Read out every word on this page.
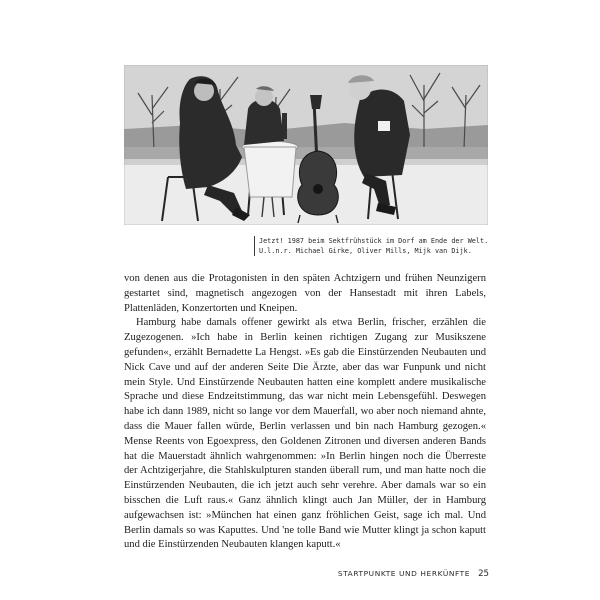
Jetzt! 1987 beim Sektfrühstück im Dorf am Ende der Welt.
U.l.n.r. Michael Girke, Oliver Mills, Mijk van Dijk.

von denen aus die Protagonisten in den späten Achtzigern und frühen Neunzigern gestartet sind, magnetisch angezogen von der Hansestadt mit ihren Labels, Plattenläden, Konzertorten und Kneipen.

Hamburg habe damals offener gewirkt als etwa Berlin, frischer, erzählen die Zugezogenen. »Ich habe in Berlin keinen richtigen Zugang zur Musikszene gefunden«, erzählt Bernadette La Hengst. »Es gab die Einstürzenden Neubauten und Nick Cave und auf der anderen Seite Die Ärzte, aber das war Funpunk und nicht mein Style. Und Einstürzende Neubauten hatten eine komplett andere musikalische Sprache und diese Endzeitstimmung, das war nicht mein Lebensgefühl. Deswegen habe ich dann 1989, nicht so lange vor dem Mauerfall, wo aber noch niemand ahnte, dass die Mauer fallen würde, Berlin verlassen und bin nach Hamburg gezogen.« Mense Reents von Egoexpress, den Goldenen Zitronen und diversen anderen Bands hat die Mauerstadt ähnlich wahrgenommen: »In Berlin hingen noch die Überreste der Achtzigerjahre, die Stahlskulpturen standen überall rum, und man hatte noch die Einstürzenden Neubauten, die ich jetzt auch sehr verehre. Aber damals war so ein bisschen die Luft raus.« Ganz ähnlich klingt auch Jan Müller, der in Hamburg aufgewachsen ist: »München hat einen ganz fröhlichen Geist, sage ich mal. Und Berlin damals so was Kaputtes. Und 'ne tolle Band wie Mutter klingt ja schon kaputt und die Einstürzenden Neubauten klangen kaputt.«

STARTPUNKTE UND HERKÜNFTE 25
